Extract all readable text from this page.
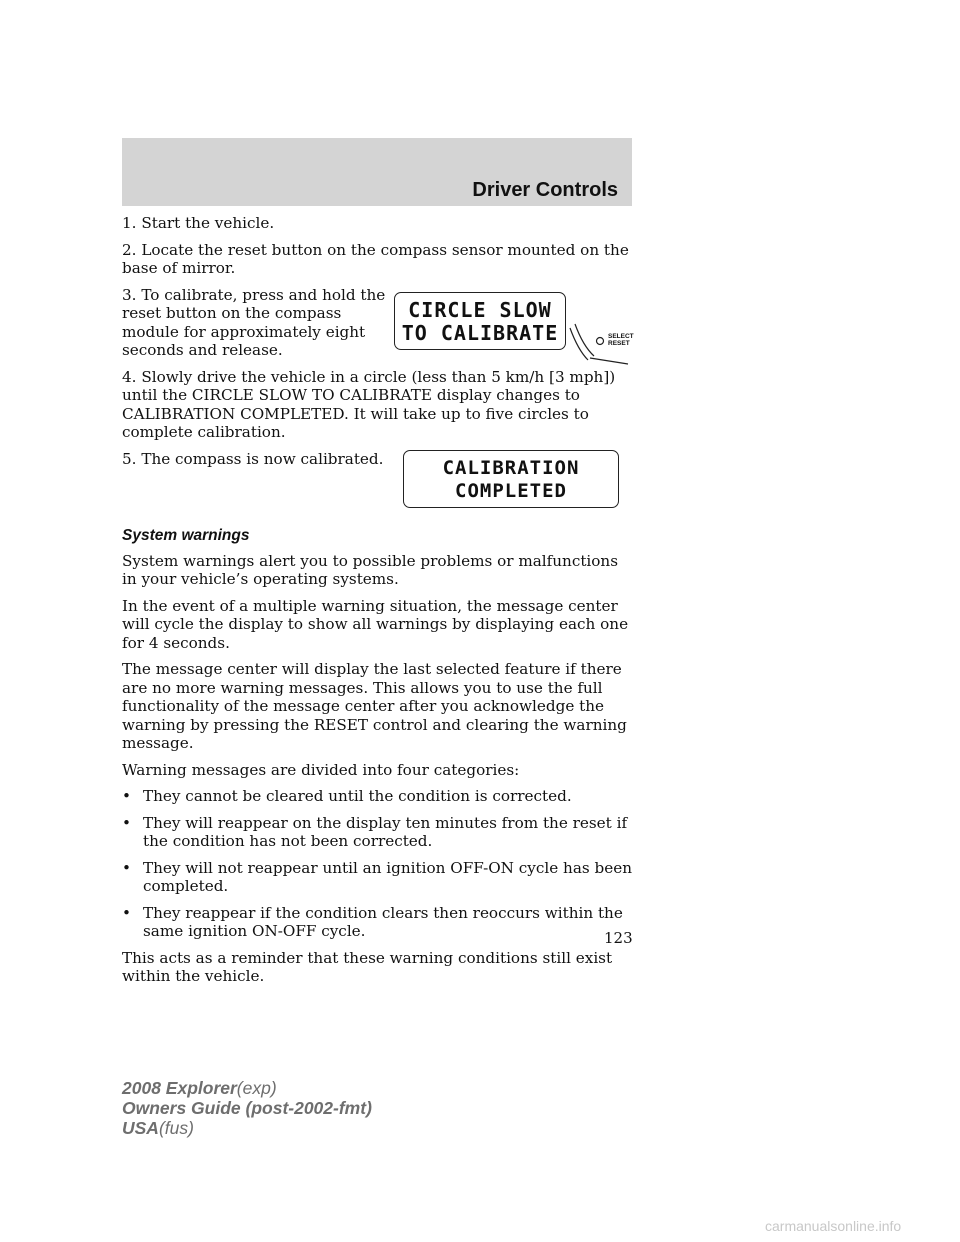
Driver Controls

1. Start the vehicle.

2. Locate the reset button on the compass sensor mounted on the base of mirror.

3. To calibrate, press and hold the reset button on the compass module for approximately eight seconds and release.

4. Slowly drive the vehicle in a circle (less than 5 km/h [3 mph]) until the CIRCLE SLOW TO CALIBRATE display changes to CALIBRATION COMPLETED. It will take up to five circles to complete calibration.

5. The compass is now calibrated.

System warnings

System warnings alert you to possible problems or malfunctions in your vehicle’s operating systems.

In the event of a multiple warning situation, the message center will cycle the display to show all warnings by displaying each one for 4 seconds.

The message center will display the last selected feature if there are no more warning messages. This allows you to use the full functionality of the message center after you acknowledge the warning by pressing the RESET control and clearing the warning message.

Warning messages are divided into four categories:

• They cannot be cleared until the condition is corrected.
• They will reappear on the display ten minutes from the reset if the condition has not been corrected.
• They will not reappear until an ignition OFF-ON cycle has been completed.
• They reappear if the condition clears then reoccurs within the same ignition ON-OFF cycle.

This acts as a reminder that these warning conditions still exist within the vehicle.

CIRCLE SLOW
TO CALIBRATE	SELECT
RESET
CALIBRATION
COMPLETED
123
2008 Explorer(exp)
Owners Guide (post-2002-fmt)
USA(fus)
carmanualsonline.info
